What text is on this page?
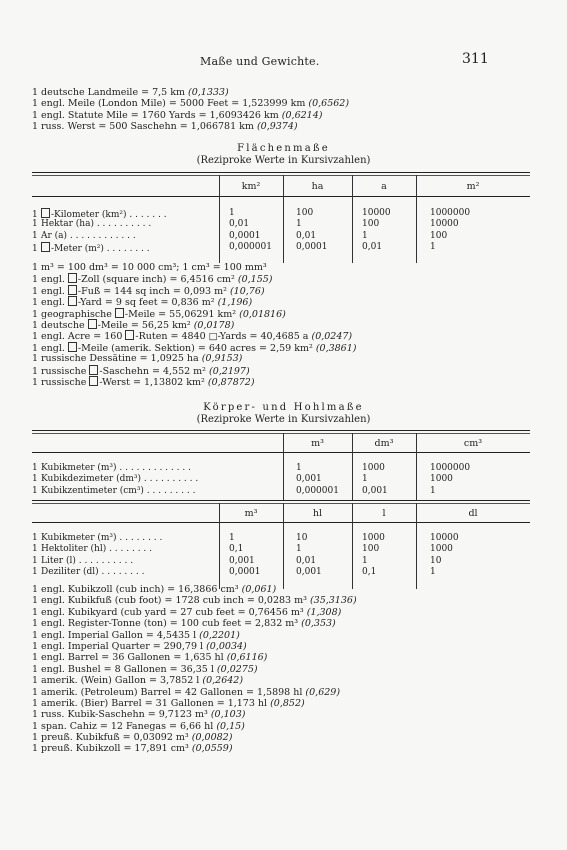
Maße und Gewichte.	311
1 deutsche Landmeile = 7,5 km (0,1333)
1 engl. Meile (London Mile) = 5000 Feet = 1,523999 km (0,6562)
1 engl. Statute Mile = 1760 Yards = 1,6093426 km (0,6214)
1 russ. Werst = 500 Saschehn = 1,066781 km (0,9374)
Flächenmaße
(Reziproke Werte in Kursivzahlen)
km²	ha	a	m²
1 -Kilometer (km²) . . . . . . .	1	100	10000	1000000
1 Hektar (ha) . . . . . . . . . .	0,01	1	100	10000
1 Ar (a) . . . . . . . . . . . .	0,0001	0,01	1	100
1 -Meter (m²) . . . . . . . .	0,000001	0,0001	0,01	1
1 m³ = 100 dm³ = 10 000 cm³; 1 cm³ = 100 mm³
1 engl. -Zoll (square inch) = 6,4516 cm² (0,155)
1 engl. -Fuß = 144 sq inch = 0,093 m² (10,76)
1 engl. -Yard = 9 sq feet = 0,836 m² (1,196)
1 geographische -Meile = 55,06291 km² (0,01816)
1 deutsche -Meile = 56,25 km² (0,0178)
1 engl. Acre = 160 -Ruten = 4840 □-Yards = 40,4685 a (0,0247)
1 engl. -Meile (amerik. Sektion) = 640 acres = 2,59 km² (0,3861)
1 russische Dessätine = 1,0925 ha (0,9153)
1 russische -Saschehn = 4,552 m² (0,2197)
1 russische -Werst = 1,13802 km² (0,87872)
Körper- und Hohlmaße
(Reziproke Werte in Kursivzahlen)
m³	dm³	cm³
1 Kubikmeter (m³) . . . . . . . . . . . . .	1	1000	1000000
1 Kubikdezimeter (dm³) . . . . . . . . . .	0,001	1	1000
1 Kubikzentimeter (cm³) . . . . . . . . .	0,000001	0,001	1
m³	hl	l	dl
1 Kubikmeter (m³) . . . . . . . .	1	10	1000	10000
1 Hektoliter (hl) . . . . . . . .	0,1	1	100	1000
1 Liter (l) . . . . . . . . . .	0,001	0,01	1	10
1 Deziliter (dl) . . . . . . . .	0,0001	0,001	0,1	1
1 engl. Kubikzoll (cub inch) = 16,3866 cm³ (0,061)
1 engl. Kubikfuß (cub foot) = 1728 cub inch = 0,0283 m³ (35,3136)
1 engl. Kubikyard (cub yard = 27 cub feet = 0,76456 m³ (1,308)
1 engl. Register-Tonne (ton) = 100 cub feet = 2,832 m³ (0,353)
1 engl. Imperial Gallon = 4,5435 l (0,2201)
1 engl. Imperial Quarter = 290,79 l (0,0034)
1 engl. Barrel = 36 Gallonen = 1,635 hl (0,6116)
1 engl. Bushel = 8 Gallonen = 36,35 l (0,0275)
1 amerik. (Wein) Gallon = 3,7852 l (0,2642)
1 amerik. (Petroleum) Barrel = 42 Gallonen = 1,5898 hl (0,629)
1 amerik. (Bier) Barrel = 31 Gallonen = 1,173 hl (0,852)
1 russ. Kubik-Saschehn = 9,7123 m³ (0,103)
1 span. Cahiz = 12 Fanegas = 6,66 hl (0,15)
1 preuß. Kubikfuß = 0,03092 m³ (0,0082)
1 preuß. Kubikzoll = 17,891 cm³ (0,0559)
